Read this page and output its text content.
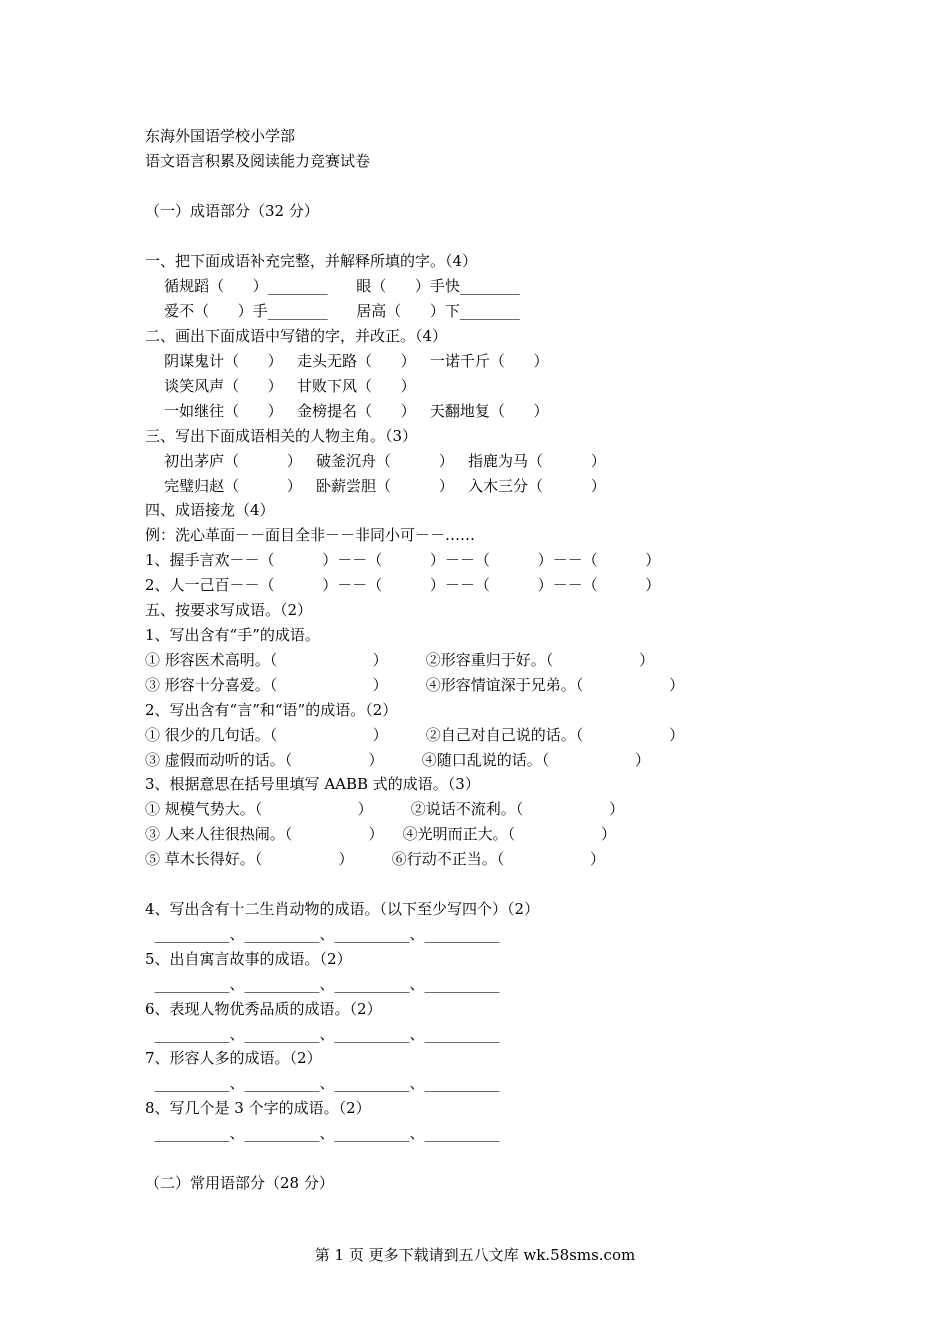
东海外国语学校小学部
语文语言积累及阅读能力竞赛试卷
（一）成语部分（32 分）
一、把下面成语补充完整，并解释所填的字。（4）
循规蹈（      ）________      眼（      ）手快________
爱不（      ）手________      居高（      ）下________
二、画出下面成语中写错的字，并改正。（4）
阴谋鬼计（      ）   走头无路（      ）   一诺千斤（      ）
谈笑风声（      ）   甘败下风（      ）
一如继往（      ）   金榜提名（      ）   天翻地复（      ）
三、写出下面成语相关的人物主角。（3）
初出茅庐（          ）   破釜沉舟（          ）   指鹿为马（          ）
完璧归赵（          ）   卧薪尝胆（          ）   入木三分（          ）
四、成语接龙（4）
例：洗心革面－－面目全非－－非同小可－－……
1、握手言欢－－（          ）－－（          ）－－（          ）－－（          ）
2、人一己百－－（          ）－－（          ）－－（          ）－－（          ）
五、按要求写成语。（2）
1、写出含有“手”的成语。
① 形容医术高明。（                    ）        ②形容重归于好。（                  ）
③ 形容十分喜爱。（                    ）        ④形容情谊深于兄弟。（                  ）
2、写出含有“言”和“语”的成语。（2）
① 很少的几句话。（                    ）        ②自己对自己说的话。（                  ）
③ 虚假而动听的话。（                ）        ④随口乱说的话。（                  ）
3、根据意思在括号里填写 AABB 式的成语。（3）
① 规模气势大。（                    ）        ②说话不流利。（                  ）
③ 人来人往很热闹。（                ）    ④光明而正大。（                  ）
⑤ 草木长得好。（                ）        ⑥行动不正当。（                  ）
4、写出含有十二生肖动物的成语。（以下至少写四个）（2）
__________、__________、__________、__________
5、出自寓言故事的成语。（2）
__________、__________、__________、__________
6、表现人物优秀品质的成语。（2）
__________、__________、__________、__________
7、形容人多的成语。（2）
__________、__________、__________、__________
8、写几个是 3 个字的成语。（2）
__________、__________、__________、__________
（二）常用语部分（28 分）
第 1 页 更多下载请到五八文库 wk.58sms.com
